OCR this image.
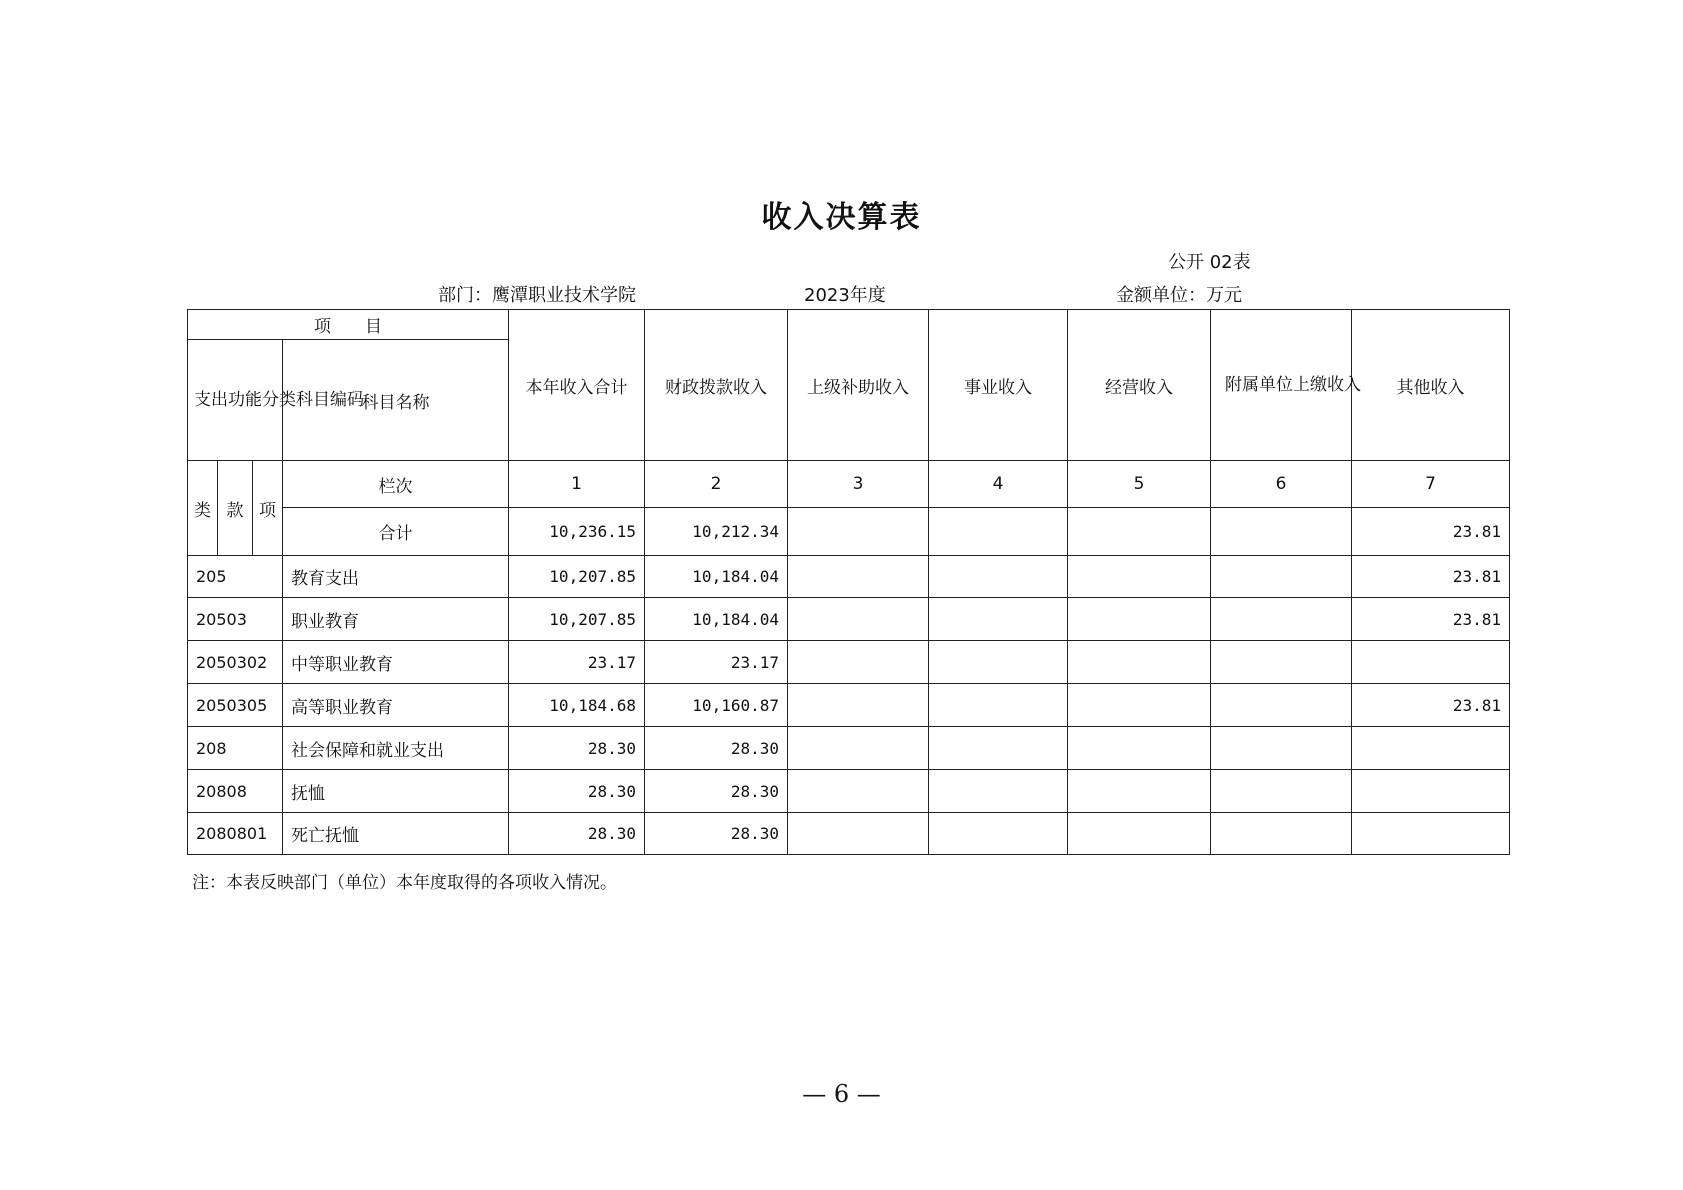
收入决算表
公开 02表
部门：鹰潭职业技术学院	2023年度	金额单位：万元
项　　目				本年收入合计	财政拨款收入	上级补助收入	事业收入	经营收入	附属单位上缴收入	其他收入
支出功能分类科目编码			科目名称							
类	款	项	栏次	1	2	3	4	5	6	7
			合计	10,236.15	10,212.34					23.81
205			教育支出	10,207.85	10,184.04					23.81
20503			职业教育	10,207.85	10,184.04					23.81
2050302			中等职业教育	23.17	23.17					
2050305			高等职业教育	10,184.68	10,160.87					23.81
208			社会保障和就业支出	28.30	28.30					
20808			抚恤	28.30	28.30					
2080801			死亡抚恤	28.30	28.30					
注：本表反映部门（单位）本年度取得的各项收入情况。
— 6 —
